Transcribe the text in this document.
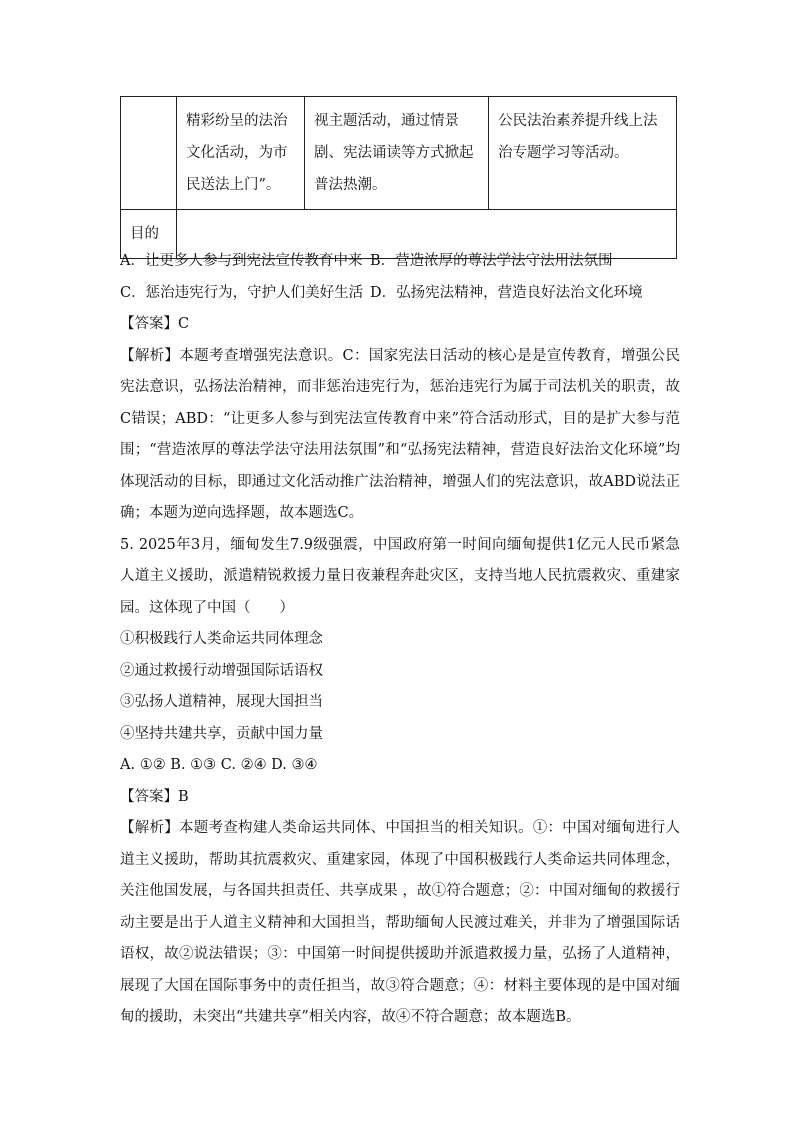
	精彩纷呈的法治文化活动，为市民送法上门”。	视主题活动，通过情景剧、宪法诵读等方式掀起普法热潮。	公民法治素养提升线上法治专题学习等活动。
目的			
A．让更多人参与到宪法宣传教育中来 B．营造浓厚的尊法学法守法用法氛围
C．惩治违宪行为，守护人们美好生活 D．弘扬宪法精神，营造良好法治文化环境
【答案】C
【解析】本题考查增强宪法意识。C：国家宪法日活动的核心是是宣传教育，增强公民宪法意识，弘扬法治精神，而非惩治违宪行为，惩治违宪行为属于司法机关的职责，故C错误；ABD：“让更多人参与到宪法宣传教育中来”符合活动形式，目的是扩大参与范围；“营造浓厚的尊法学法守法用法氛围”和“弘扬宪法精神，营造良好法治文化环境”均体现活动的目标，即通过文化活动推广法治精神，增强人们的宪法意识，故ABD说法正确；本题为逆向选择题，故本题选C。
5. 2025年3月，缅甸发生7.9级强震，中国政府第一时间向缅甸提供1亿元人民币紧急人道主义援助，派遣精锐救援力量日夜兼程奔赴灾区，支持当地人民抗震救灾、重建家园。这体现了中国（　　）
①积极践行人类命运共同体理念
②通过救援行动增强国际话语权
③弘扬人道精神，展现大国担当
④坚持共建共享，贡献中国力量
A. ①② B. ①③ C. ②④ D. ③④
【答案】B
【解析】本题考查构建人类命运共同体、中国担当的相关知识。①：中国对缅甸进行人道主义援助，帮助其抗震救灾、重建家园，体现了中国积极践行人类命运共同体理念，关注他国发展，与各国共担责任、共享成果 ，故①符合题意；②：中国对缅甸的救援行动主要是出于人道主义精神和大国担当，帮助缅甸人民渡过难关，并非为了增强国际话语权，故②说法错误；③：中国第一时间提供援助并派遣救援力量，弘扬了人道精神，展现了大国在国际事务中的责任担当，故③符合题意；④：材料主要体现的是中国对缅甸的援助，未突出“共建共享”相关内容，故④不符合题意；故本题选B。
